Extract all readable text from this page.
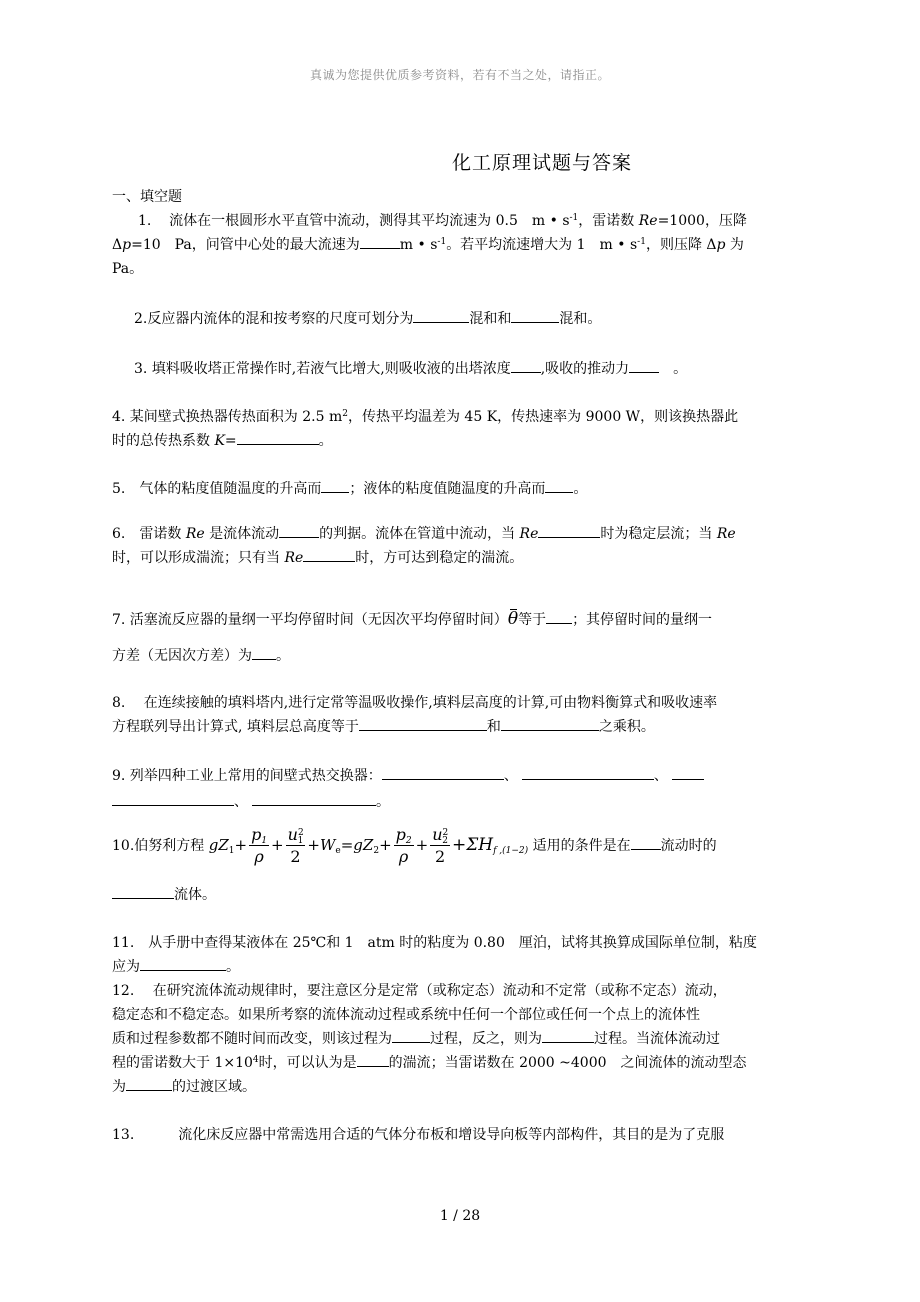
真诚为您提供优质参考资料，若有不当之处，请指正。
化工原理试题与答案
一、填空题
1. 流体在一根圆形水平直管中流动，测得其平均流速为 0.5　m • $s^{-1}$，雷诺数 Re=1000，压降
Δp=10　Pa，问管中心处的最大流速为	m • $s^{-1}$。若平均流速增大为 1　m • $s^{-1}$，则压降 Δp 为
Pa。
2.反应器内流体的混和按考察的尺度可划分为	混和和	混和。
3. 填料吸收塔正常操作时,若液气比增大,则吸收液的出塔浓度 ,吸收的推动力　。
4. 某间壁式换热器传热面积为 2.5 $m^2$，传热平均温差为 45 K，传热速率为 9000 W，则该换热器此
时的总传热系数 K=	。
5.　气体的粘度值随温度的升高而 ；液体的粘度值随温度的升高而 。
6.　雷诺数 Re 是流体流动	的判据。流体在管道中流动，当 Re	时为稳定层流；当 Re
时，可以形成湍流；只有当 Re	时，方可达到稳定的湍流。
7. 活塞流反应器的量纲一平均停留时间（无因次平均停留时间）θ等于 ；其停留时间的量纲一
方差（无因次方差）为 。
8.　 在连续接触的填料塔内,进行定常等温吸收操作,填料层高度的计算,可由物料衡算式和吸收速率
方程联列导出计算式, 填料层总高度等于	和	之乘积。
9. 列举四种工业上常用的间壁式热交换器：	、	、
、	。
10.伯努利方程 $gZ_1+ \frac{p_1}{\rho} + \frac{u^2_1}{2} +W_e=gZ_2+ \frac{p_2}{\rho} + \frac{u^2_2}{2} +\Sigma H_{f ,(1-2)}$ 适用的条件是在 流动时的
流体。
11.　从手册中查得某液体在 25℃和 1　atm 时的粘度为 0.80　厘泊，试将其换算成国际单位制，粘度
应为	。
12.　 在研究流体流动规律时，要注意区分是定常（或称定态）流动和不定常（或称不定态）流动，
稳定态和不稳定态。如果所考察的流体流动过程或系统中任何一个部位或任何一个点上的流体性
质和过程参数都不随时间而改变，则该过程为	过程，反之，则为	过程。当流体流动过
程的雷诺数大于 $1\times 10^4$时，可以认为是 的湍流；当雷诺数在 2000 ~4000　之间流体的流动型态
为	的过渡区域。
13.	流化床反应器中常需选用合适的气体分布板和增设导向板等内部构件，其目的是为了克服
1 / 28
